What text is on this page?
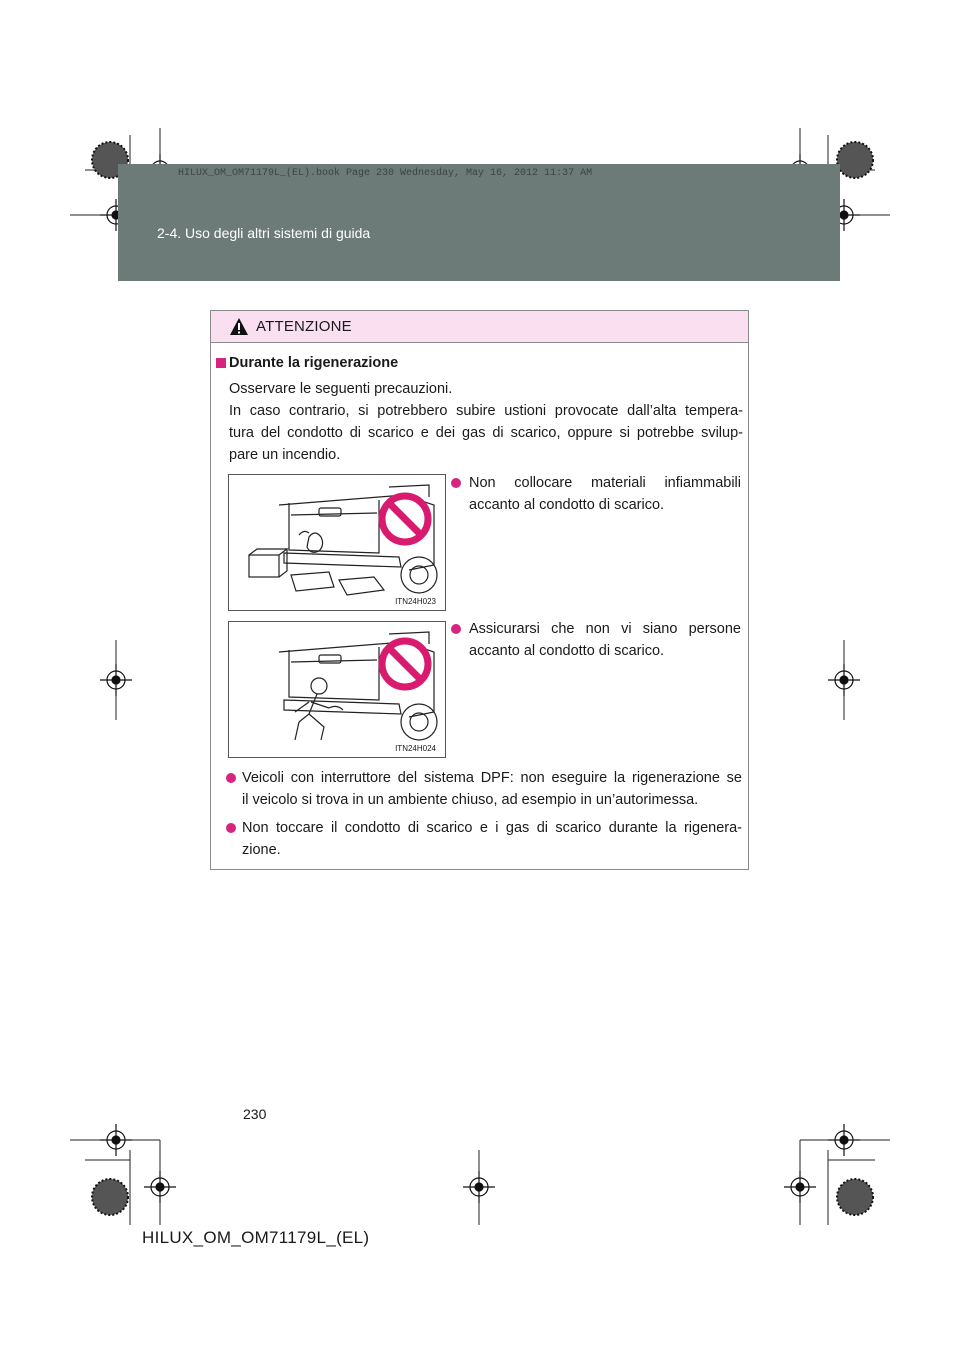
HILUX_OM_OM71179L_(EL).book Page 230 Wednesday, May 16, 2012 11:37 AM
2-4. Uso degli altri sistemi di guida
ATTENZIONE
Durante la rigenerazione
Osservare le seguenti precauzioni.
In caso contrario, si potrebbero subire ustioni provocate dall’alta tempera-
tura del condotto di scarico e dei gas di scarico, oppure si potrebbe svilup-
pare un incendio.
ITN24H023
Non collocare materiali infiammabili
accanto al condotto di scarico.
ITN24H024
Assicurarsi che non vi siano persone
accanto al condotto di scarico.
Veicoli con interruttore del sistema DPF: non eseguire la rigenerazione se
il veicolo si trova in un ambiente chiuso, ad esempio in un’autorimessa.
Non toccare il condotto di scarico e i gas di scarico durante la rigenera-
zione.
230
HILUX_OM_OM71179L_(EL)
